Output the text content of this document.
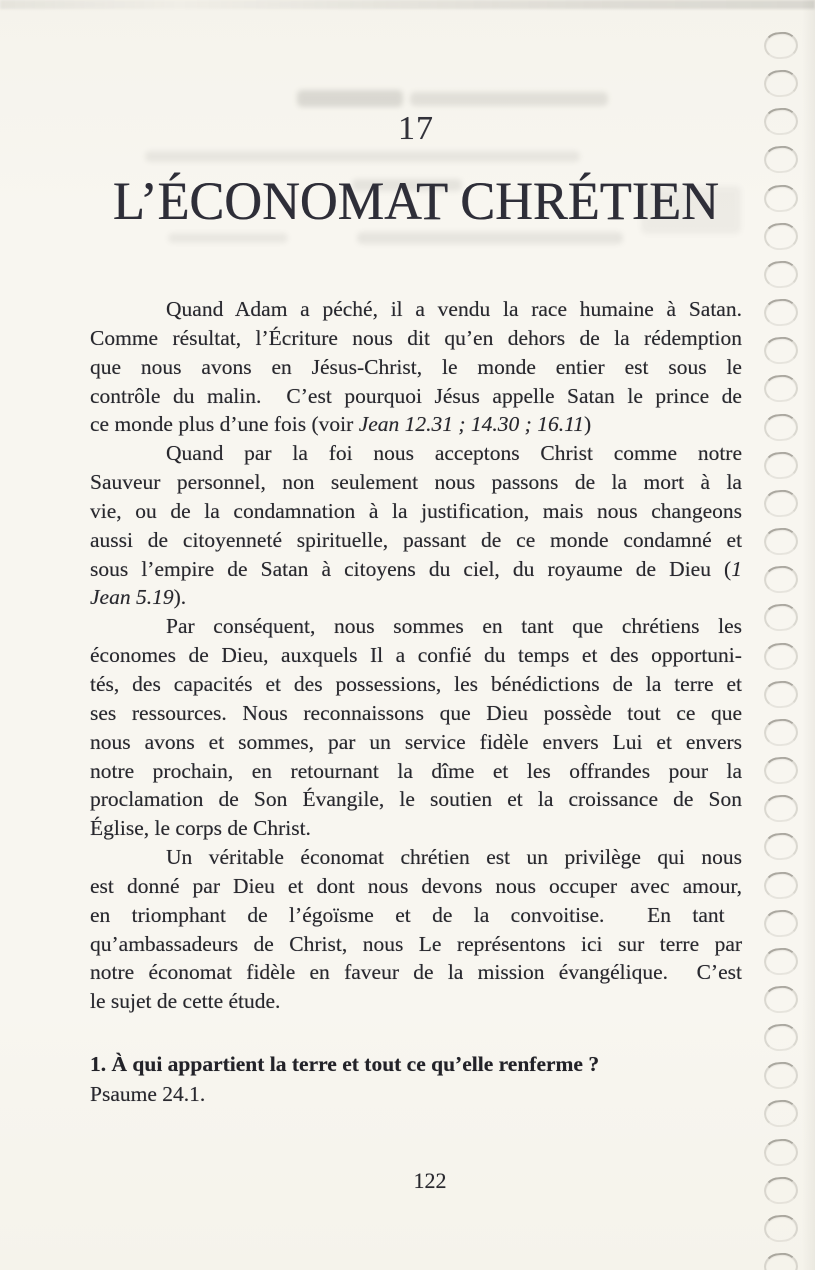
17
L’ÉCONOMAT CHRÉTIEN
Quand Adam a péché, il a vendu la race humaine à Satan.
Comme résultat, l’Écriture nous dit qu’en dehors de la rédemption
que nous avons en Jésus-Christ, le monde entier est sous le
contrôle du malin.  C’est pourquoi Jésus appelle Satan le prince de
ce monde plus d’une fois (voir Jean 12.31 ; 14.30 ; 16.11)
Quand par la foi nous acceptons Christ comme notre
Sauveur personnel, non seulement nous passons de la mort à la
vie, ou de la condamnation à la justification, mais nous changeons
aussi de citoyenneté spirituelle, passant de ce monde condamné et
sous l’empire de Satan à citoyens du ciel, du royaume de Dieu (1
Jean 5.19).
Par conséquent, nous sommes en tant que chrétiens les
économes de Dieu, auxquels Il a confié du temps et des opportuni-
tés, des capacités et des possessions, les bénédictions de la terre et
ses ressources. Nous reconnaissons que Dieu possède tout ce que
nous avons et sommes, par un service fidèle envers Lui et envers
notre prochain, en retournant la dîme et les offrandes pour la
proclamation de Son Évangile, le soutien et la croissance de Son
Église, le corps de Christ.
Un véritable économat chrétien est un privilège qui nous
est donné par Dieu et dont nous devons nous occuper avec amour,
en triomphant de l’égoïsme et de la convoitise.  En tant
qu’ambassadeurs de Christ, nous Le représentons ici sur terre par
notre économat fidèle en faveur de la mission évangélique.  C’est
le sujet de cette étude.
1. À qui appartient la terre et tout ce qu’elle renferme ?
Psaume 24.1.
122
